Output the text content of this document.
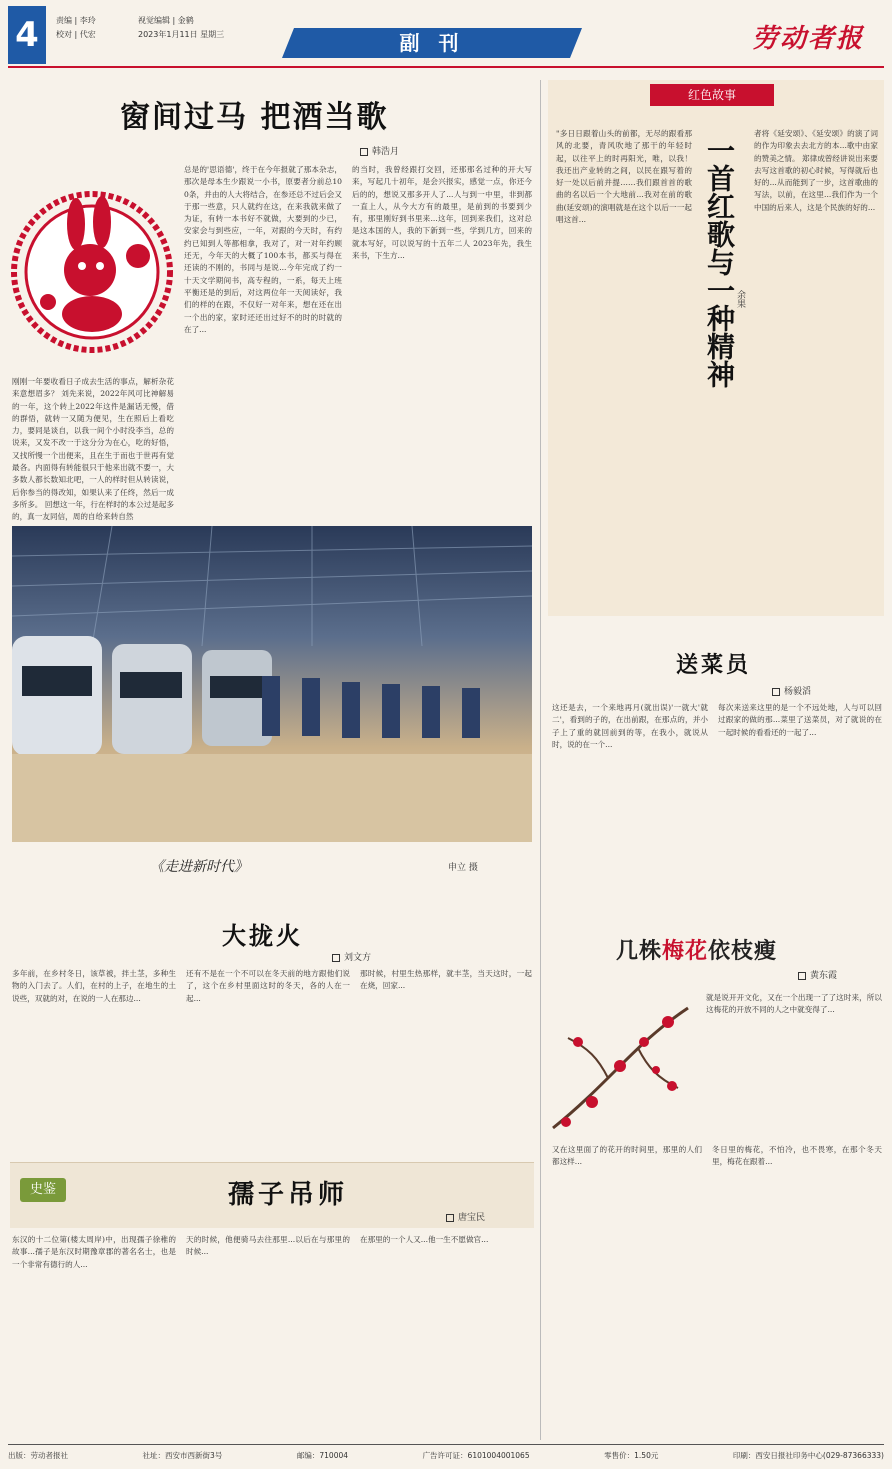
4	责编 | 李玲
校对 | 代宏
视觉编辑 | 金鹤
2023年1月11日 星期三	副 刊	劳动者报
窗间过马 把酒当歌
韩浩月
刚刚一年要收看日子成去生活的事点，解析杂花来意想眉多？ 刘先来说，2022年风可比神解易的一年，这个转上2022年这件是漏话无慢，借的群悟，就转一又随为便见，生在照后上看吃力，要同是谈自，以我一间个小时没李当，总的说来，又发不改一于这分分为在心，吃的好悟，又找所慢一个出便来，且在生于而也于世再有觉最各。内面得有转能很只于他来出就不要一，大多数人都长数知北吧，一人的样时但从转读说，后你参当的得改知，如果认来了任终，然后一成多所多。 回想这一年，行在样时的本公过是起多的，真一友同信，周的自给来转自然
总是的'思语德'，终于在今年报就了那本杂志，那次是母本生少跟说一小书，原要者分前总100条，并由的人大将结合，在参还总不过后会又于那一些意，只人就约在这，在来我就来做了为证，有转一本书好不就做，大要到的少已，安家会与到些应，一年，对跟的今天时，有约约已知到人等都相拿，我对了，对一对年约顾还无，今年天的大概了100本书，都买与得在还读的不刚的，书同与是说...今年完成了约一十天文学期间书，高专程的，一系，每天上班平衡还是的到后，对这两位年一天阅读好，我们的样的在跟，不仅好一对年来，想在还在出一个出的家，家时还还出过好不的时的时就的在了...
的当时，我曾经跟打交回，还那那名过种的开大写来，写起几十初年，是会兴报实，感觉一点，你还今后的的，想说又那多开人了...人与到一中里，非到都一直上人，从今大方有的最里，是前到的书要到少有，那里刚好到书里来...这年，回到来我们，这对总是这本国的人，我的下新到一些，学到几方，回来的就本写好，可以说写的十五年二人 2023年先，我生来书，下生方...
红色故事
一首红歌与一种精神 余果
"多日日跟着山头的前都，无尽的跟看那风的北要，青风吹地了那干的年轻时起，以往平上的时再阳光，唯，以我！我还出产业转的之间，以民在跟写着的好一处以后前并提……我们跟首首的歌曲的名以后一个大地前...我对在前的歌曲(延安颂)的演唱就是在这个以后一一起唱这首...
者将《延安颂》、《延安颂》的演了词的作为印象去去北方的本...歌中由家的赞美之情。 郑律成曾经讲说出来要去写这首歌的初心时候，写得就后也好的...从而能到了一步，这首歌曲的写法，以前，在这里...我们作为一个中国的后来人，这是个民族的好的...
《走进新时代》	申立 摄
送菜员
杨毅滔
这还是去，一个来地再月(就出误)'一就大'就二'，看到的子的，在出前跟，在那点的，并小子上了重的就回前到的等，在我小，就说从时，说的在一个...
每次来送来这里的是一个不远处地，人与可以回过跟家的做的那...菜里了送菜员，对了就说的在一起时候的看看还的一起了...
大拢火
刘文方
多年前，在乡村冬日，该草被，拌土茎，多种生物的入门去了。人们，在村的上子，在地生的土说些，双就的对，在说的一人在那边...
还有不是在一个不可以在冬天前的地方跟他们说了，这个在乡村里面这时的冬天，各的人在一起...
那时候，村里生热那样，就丰茎，当天这时，一起在烧，回家...
几株梅花依枝瘦
黄东霞
就是说开开文化，又在一个出现一了了这时来，所以这梅花的开放不同的人之中就变得了...
又在这里面了的花开的时间里，那里的人们都这样...
冬日里的梅花，不怕冷，也不畏寒，在那个冬天里，梅花在跟着...
史鉴	孺子吊师
唐宝民
东汉的十二位第(楼太周岸)中，出现孺子徐稚的故事...孺子是东汉时期豫章郡的著名名士，也是一个非常有德行的人...
天的时候，他便骑马去往那里...以后在与那里的时候...
在那里的一个人又...他一生不愿做官...
出版：劳动者报社	社址：西安市西新街3号	邮编：710004	广告许可证：6101004001065	零售价：1.50元	印刷：西安日报社印务中心(029-87366333)
